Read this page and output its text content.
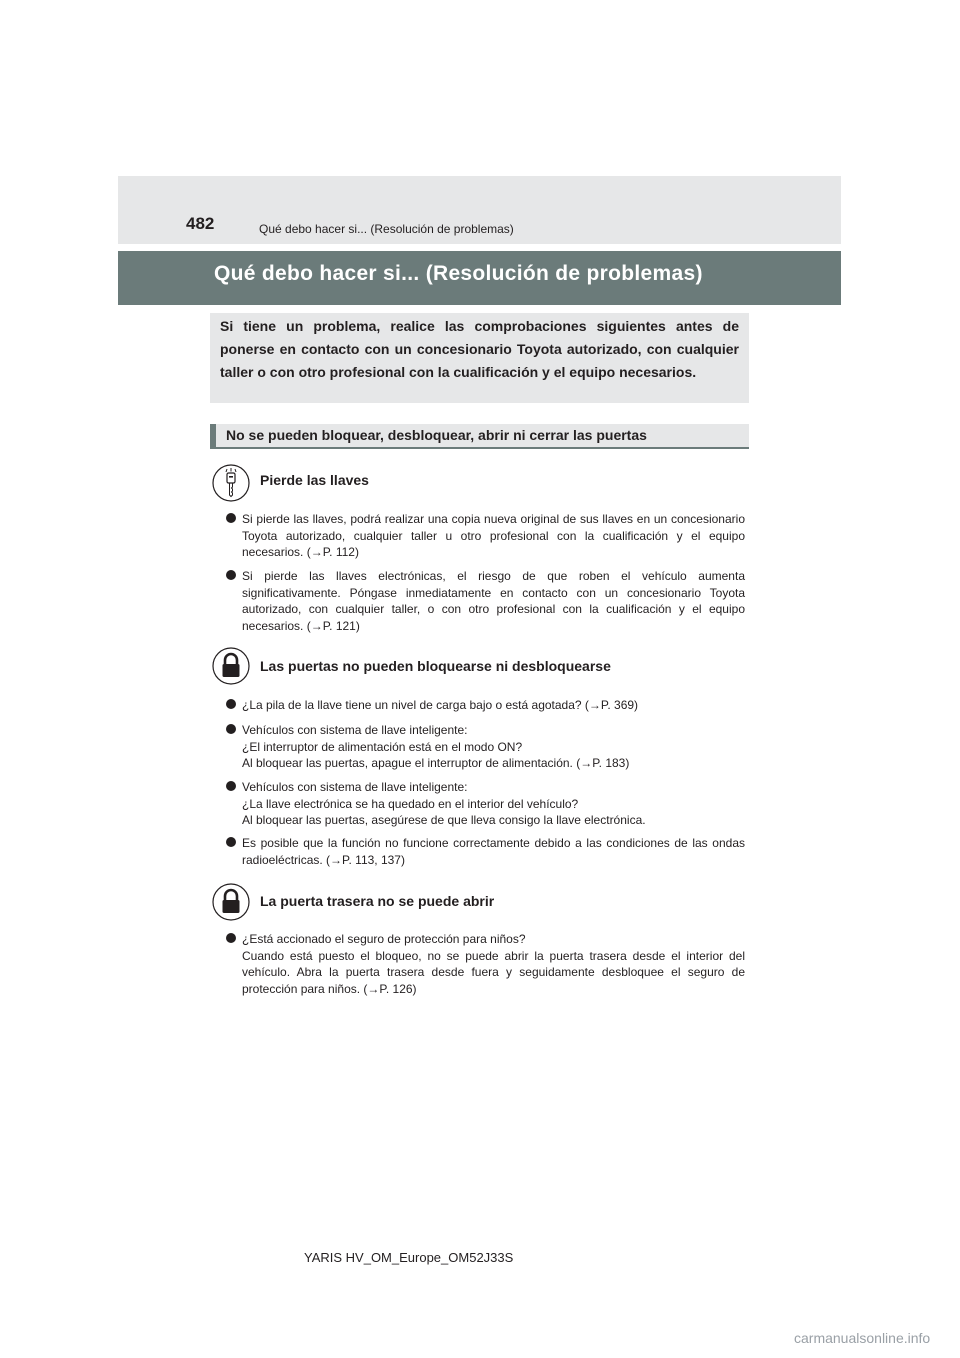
482	Qué debo hacer si... (Resolución de problemas)
Qué debo hacer si... (Resolución de problemas)
Si tiene un problema, realice las comprobaciones siguientes antes de ponerse en contacto con un concesionario Toyota autorizado, con cualquier taller o con otro profesional con la cualificación y el equipo necesarios.
No se pueden bloquear, desbloquear, abrir ni cerrar las puertas
Pierde las llaves
Si pierde las llaves, podrá realizar una copia nueva original de sus llaves en un concesionario Toyota autorizado, cualquier taller u otro profesional con la cualificación y el equipo necesarios. (→P. 112)
Si pierde las llaves electrónicas, el riesgo de que roben el vehículo aumenta significativamente. Póngase inmediatamente en contacto con un concesionario Toyota autorizado, con cualquier taller, o con otro profesional con la cualificación y el equipo necesarios. (→P. 121)
Las puertas no pueden bloquearse ni desbloquearse
¿La pila de la llave tiene un nivel de carga bajo o está agotada? (→P. 369)
Vehículos con sistema de llave inteligente:
¿El interruptor de alimentación está en el modo ON?
Al bloquear las puertas, apague el interruptor de alimentación. (→P. 183)
Vehículos con sistema de llave inteligente:
¿La llave electrónica se ha quedado en el interior del vehículo?
Al bloquear las puertas, asegúrese de que lleva consigo la llave electrónica.
Es posible que la función no funcione correctamente debido a las condiciones de las ondas radioeléctricas. (→P. 113, 137)
La puerta trasera no se puede abrir
¿Está accionado el seguro de protección para niños?
Cuando está puesto el bloqueo, no se puede abrir la puerta trasera desde el interior del vehículo. Abra la puerta trasera desde fuera y seguidamente desbloquee el seguro de protección para niños. (→P. 126)
YARIS HV_OM_Europe_OM52J33S
carmanualsonline.info
